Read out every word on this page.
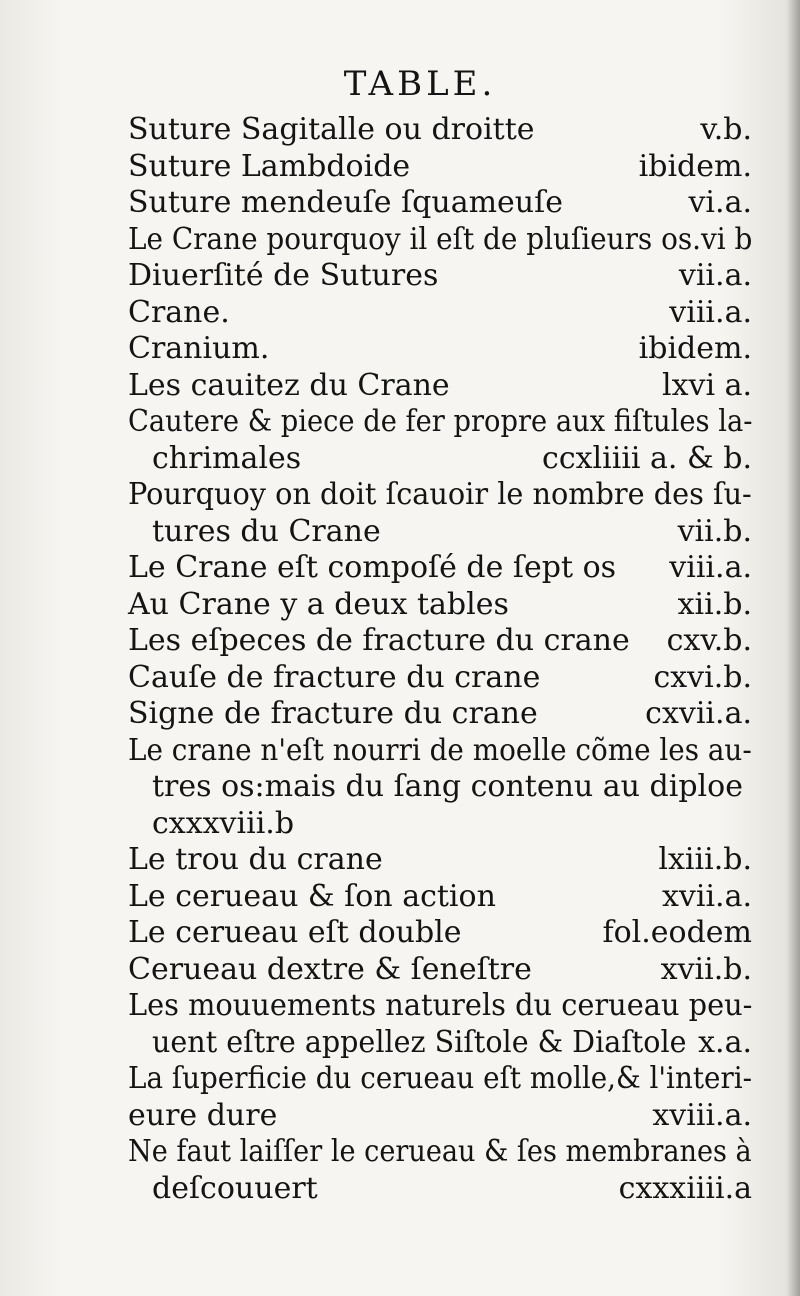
TABLE.
Suture Sagitalle ou droitte	v.b.
Suture Lambdoide	ibidem.
Suture mendeuſe ſquameuſe	vi.a.
Le Crane pourquoy il eſt de pluſieurs os.vi b
Diuerſité de Sutures	vii.a.
Crane.	viii.a.
Cranium.	ibidem.
Les cauitez du Crane	lxvi a.
Cautere & piece de fer propre aux fiſtules la-
chrimales	ccxliiii a. & b.
Pourquoy on doit ſcauoir le nombre des ſu-
tures du Crane	vii.b.
Le Crane eſt compoſé de ſept os viii.a.
Au Crane y a deux tables	xii.b.
Les eſpeces de fracture du crane cxv.b.
Cauſe de fracture du crane	cxvi.b.
Signe de fracture du crane	cxvii.a.
Le crane n'eſt nourri de moelle cõme les au-
tres os:mais du ſang contenu au diploe
cxxxviii.b
Le trou du crane	lxiii.b.
Le cerueau & ſon action	xvii.a.
Le cerueau eſt double	fol.eodem
Cerueau dextre & ſeneſtre	xvii.b.
Les mouuements naturels du cerueau peu-
uent eſtre appellez Siſtole & Diaſtole x.a.
La ſuperficie du cerueau eſt molle,& l'interi-
eure dure	xviii.a.
Ne faut laiſſer le cerueau & ſes membranes à
deſcouuert	cxxxiiii.a
